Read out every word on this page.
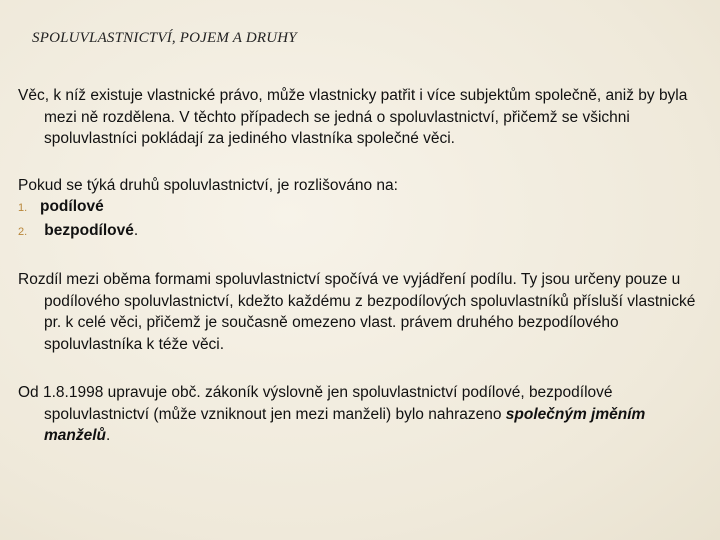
SPOLUVLASTNICTVÍ, POJEM A DRUHY

Věc, k níž existuje vlastnické právo, může vlastnicky patřit i více subjektům společně, aniž by byla mezi ně rozdělena. V těchto případech se jedná o spoluvlastnictví, přičemž se všichni spoluvlastníci pokládají za jediného vlastníka společné věci.

Pokud se týká druhů spoluvlastnictví, je rozlišováno na:

1. podílové
2. bezpodílové.

Rozdíl mezi oběma formami spoluvlastnictví spočívá ve vyjádření podílu. Ty jsou určeny pouze u podílového spoluvlastnictví, kdežto každému z bezpodílových spoluvlastníků přísluší vlastnické pr. k celé věci, přičemž je současně omezeno vlast. právem druhého bezpodílového spoluvlastníka k téže věci.

Od 1.8.1998 upravuje obč. zákoník výslovně jen spoluvlastnictví podílové, bezpodílové spoluvlastnictví (může vzniknout jen mezi manželi) bylo nahrazeno společným jměním manželů.
